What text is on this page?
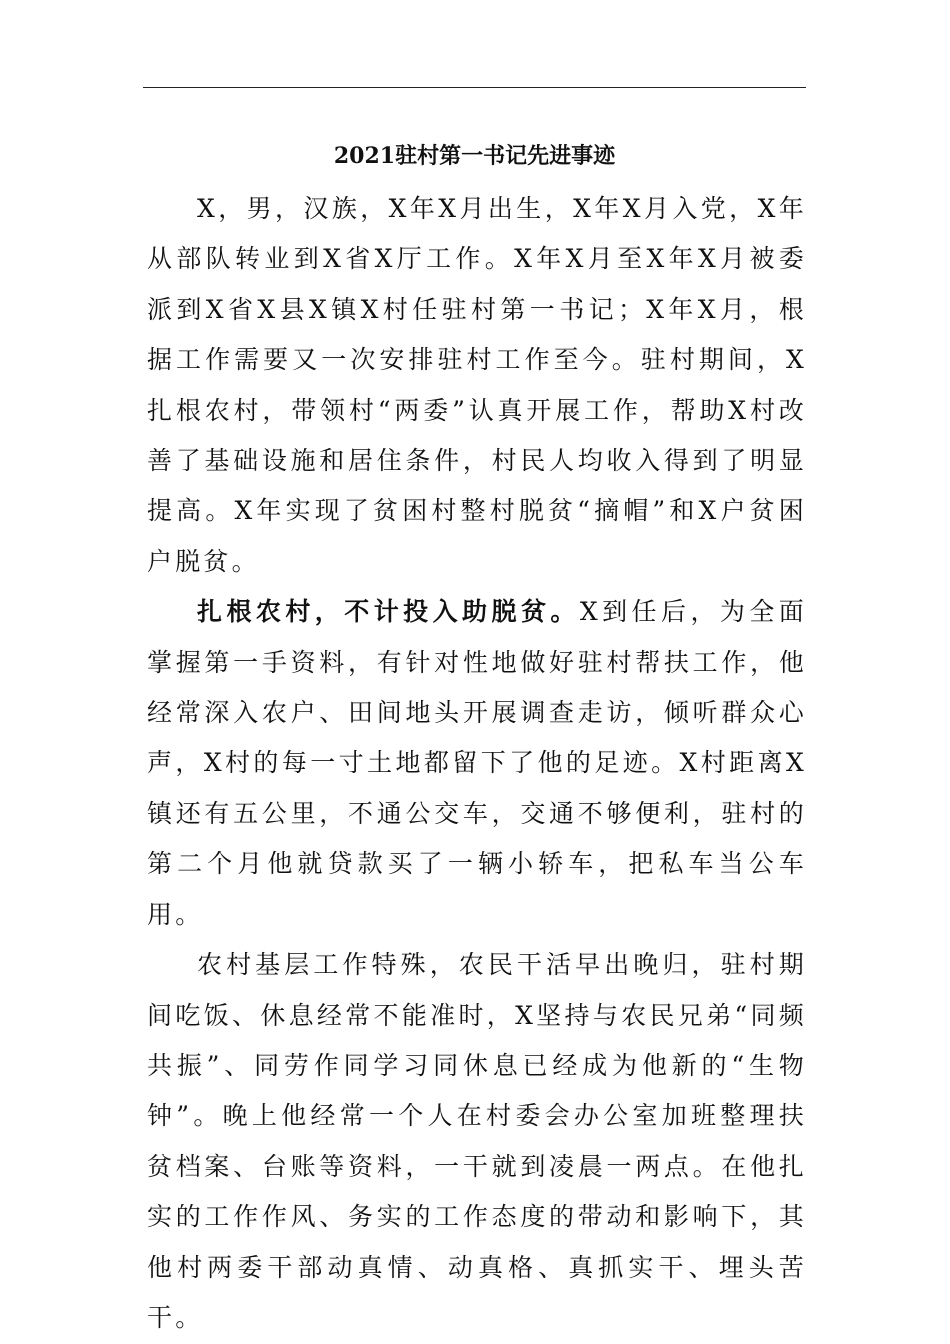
2021驻村第一书记先进事迹

X，男，汉族，X年X月出生，X年X月入党，X年从部队转业到X省X厅工作。X年X月至X年X月被委派到X省X县X镇X村任驻村第一书记；X年X月，根据工作需要又一次安排驻村工作至今。驻村期间，X扎根农村，带领村“两委”认真开展工作，帮助X村改善了基础设施和居住条件，村民人均收入得到了明显提高。X年实现了贫困村整村脱贫“摘帽”和X户贫困户脱贫。

扎根农村，不计投入助脱贫。X到任后，为全面掌握第一手资料，有针对性地做好驻村帮扶工作，他经常深入农户、田间地头开展调查走访，倾听群众心声，X村的每一寸土地都留下了他的足迹。X村距离X镇还有五公里，不通公交车，交通不够便利，驻村的第二个月他就贷款买了一辆小轿车，把私车当公车用。

农村基层工作特殊，农民干活早出晚归，驻村期间吃饭、休息经常不能准时，X坚持与农民兄弟“同频共振”、同劳作同学习同休息已经成为他新的“生物钟”。晚上他经常一个人在村委会办公室加班整理扶贫档案、台账等资料，一干就到凌晨一两点。在他扎实的工作作风、务实的工作态度的带动和影响下，其他村两委干部动真情、动真格、真抓实干、埋头苦干。
